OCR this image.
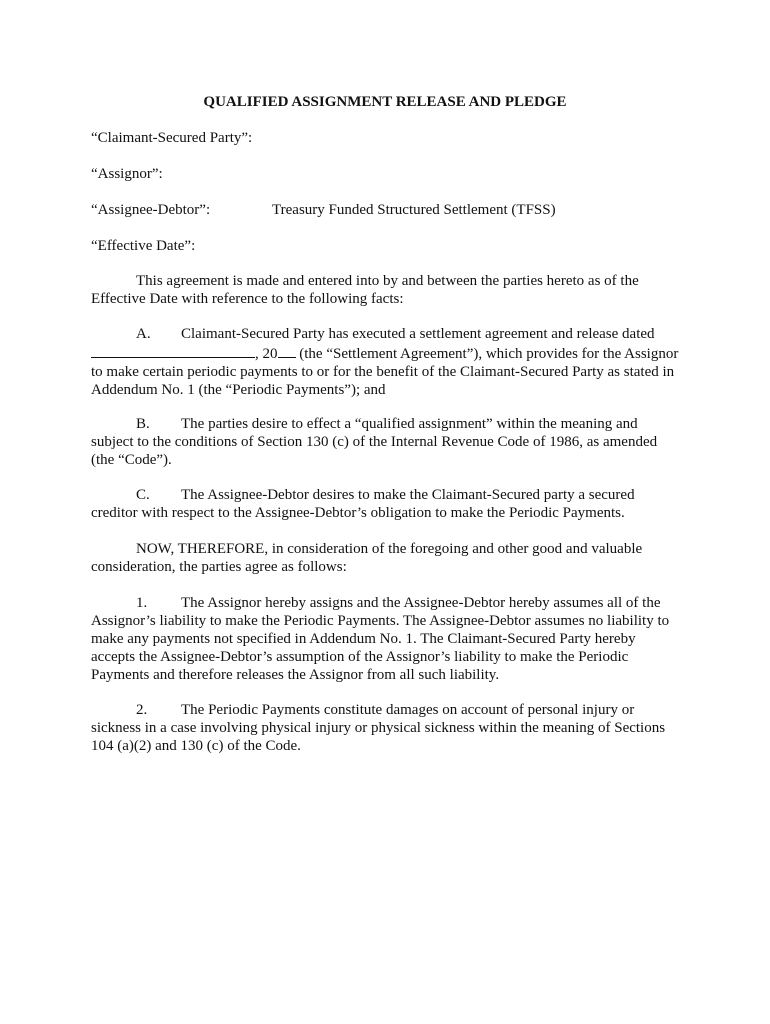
QUALIFIED ASSIGNMENT RELEASE AND PLEDGE
“Claimant-Secured Party”:
“Assignor”:
“Assignee-Debtor”:	Treasury Funded Structured Settlement (TFSS)
“Effective Date”:

This agreement is made and entered into by and between the parties hereto as of the Effective Date with reference to the following facts:

A. Claimant-Secured Party has executed a settlement agreement and release dated , 20 (the “Settlement Agreement”), which provides for the Assignor to make certain periodic payments to or for the benefit of the Claimant-Secured Party as stated in Addendum No. 1 (the “Periodic Payments”); and

B. The parties desire to effect a “qualified assignment” within the meaning and subject to the conditions of Section 130 (c) of the Internal Revenue Code of 1986, as amended (the “Code”).

C. The Assignee-Debtor desires to make the Claimant-Secured party a secured creditor with respect to the Assignee-Debtor’s obligation to make the Periodic Payments.

NOW, THEREFORE, in consideration of the foregoing and other good and valuable consideration, the parties agree as follows:

1. The Assignor hereby assigns and the Assignee-Debtor hereby assumes all of the Assignor’s liability to make the Periodic Payments. The Assignee-Debtor assumes no liability to make any payments not specified in Addendum No. 1. The Claimant-Secured Party hereby accepts the Assignee-Debtor’s assumption of the Assignor’s liability to make the Periodic Payments and therefore releases the Assignor from all such liability.

2. The Periodic Payments constitute damages on account of personal injury or sickness in a case involving physical injury or physical sickness within the meaning of Sections 104 (a)(2) and 130 (c) of the Code.
